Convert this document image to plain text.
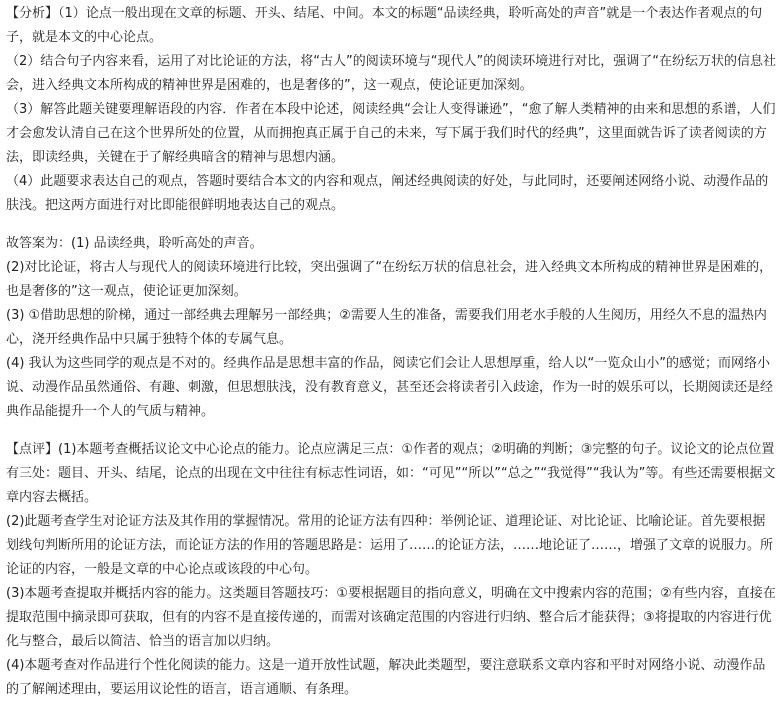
【分析】（1）论点一般出现在文章的标题、开头、结尾、中间。本文的标题“品读经典，聆听高处的声音”就是一个表达作者观点的句子，就是本文的中心论点。

（2）结合句子内容来看，运用了对比论证的方法，将“古人”的阅读环境与“现代人”的阅读环境进行对比，强调了“在纷纭万状的信息社会，进入经典文本所构成的精神世界是困难的，也是奢侈的”，这一观点，使论证更加深刻。

（3）解答此题关键要理解语段的内容．作者在本段中论述，阅读经典“会让人变得谦逊”，“愈了解人类精神的由来和思想的系谱，人们才会愈发认清自己在这个世界所处的位置，从而拥抱真正属于自己的未来，写下属于我们时代的经典”，这里面就告诉了读者阅读的方法，即读经典，关键在于了解经典暗含的精神与思想内涵。

（4）此题要求表达自己的观点，答题时要结合本文的内容和观点，阐述经典阅读的好处，与此同时，还要阐述网络小说、动漫作品的肤浅。把这两方面进行对比即能很鲜明地表达自己的观点。

故答案为：(1) 品读经典，聆听高处的声音。

(2)对比论证，将古人与现代人的阅读环境进行比较，突出强调了“在纷纭万状的信息社会，进入经典文本所构成的精神世界是困难的，也是奢侈的”这一观点，使论证更加深刻。

(3) ①借助思想的阶梯，通过一部经典去理解另一部经典；②需要人生的准备，需要我们用老水手般的人生阅历，用经久不息的温热内心，浇开经典作品中只属于独特个体的专属气息。

(4) 我认为这些同学的观点是不对的。经典作品是思想丰富的作品，阅读它们会让人思想厚重，给人以“一览众山小”的感觉；而网络小说、动漫作品虽然通俗、有趣、刺激，但思想肤浅，没有教育意义，甚至还会将读者引入歧途，作为一时的娱乐可以，长期阅读还是经典作品能提升一个人的气质与精神。

【点评】(1)本题考查概括议论文中心论点的能力。论点应满足三点：①作者的观点；②明确的判断；③完整的句子。议论文的论点位置有三处：题目、开头、结尾，论点的出现在文中往往有标志性词语，如：“可见”“所以”“总之”“我觉得”“我认为”等。有些还需要根据文章内容去概括。

(2)此题考查学生对论证方法及其作用的掌握情况。常用的论证方法有四种：举例论证、道理论证、对比论证、比喻论证。首先要根据划线句判断所用的论证方法，而论证方法的作用的答题思路是：运用了……的论证方法，……地论证了……，增强了文章的说服力。所论证的内容，一般是文章的中心论点或该段的中心句。

(3)本题考查提取并概括内容的能力。这类题目答题技巧：①要根据题目的指向意义，明确在文中搜索内容的范围；②有些内容，直接在提取范围中摘录即可获取，但有的内容不是直接传递的，而需对该确定范围的内容进行归纳、整合后才能获得；③将提取的内容进行优化与整合，最后以简洁、恰当的语言加以归纳。

(4)本题考查对作品进行个性化阅读的能力。这是一道开放性试题，解决此类题型，要注意联系文章内容和平时对网络小说、动漫作品的了解阐述理由，要运用议论性的语言，语言通顺、有条理。
